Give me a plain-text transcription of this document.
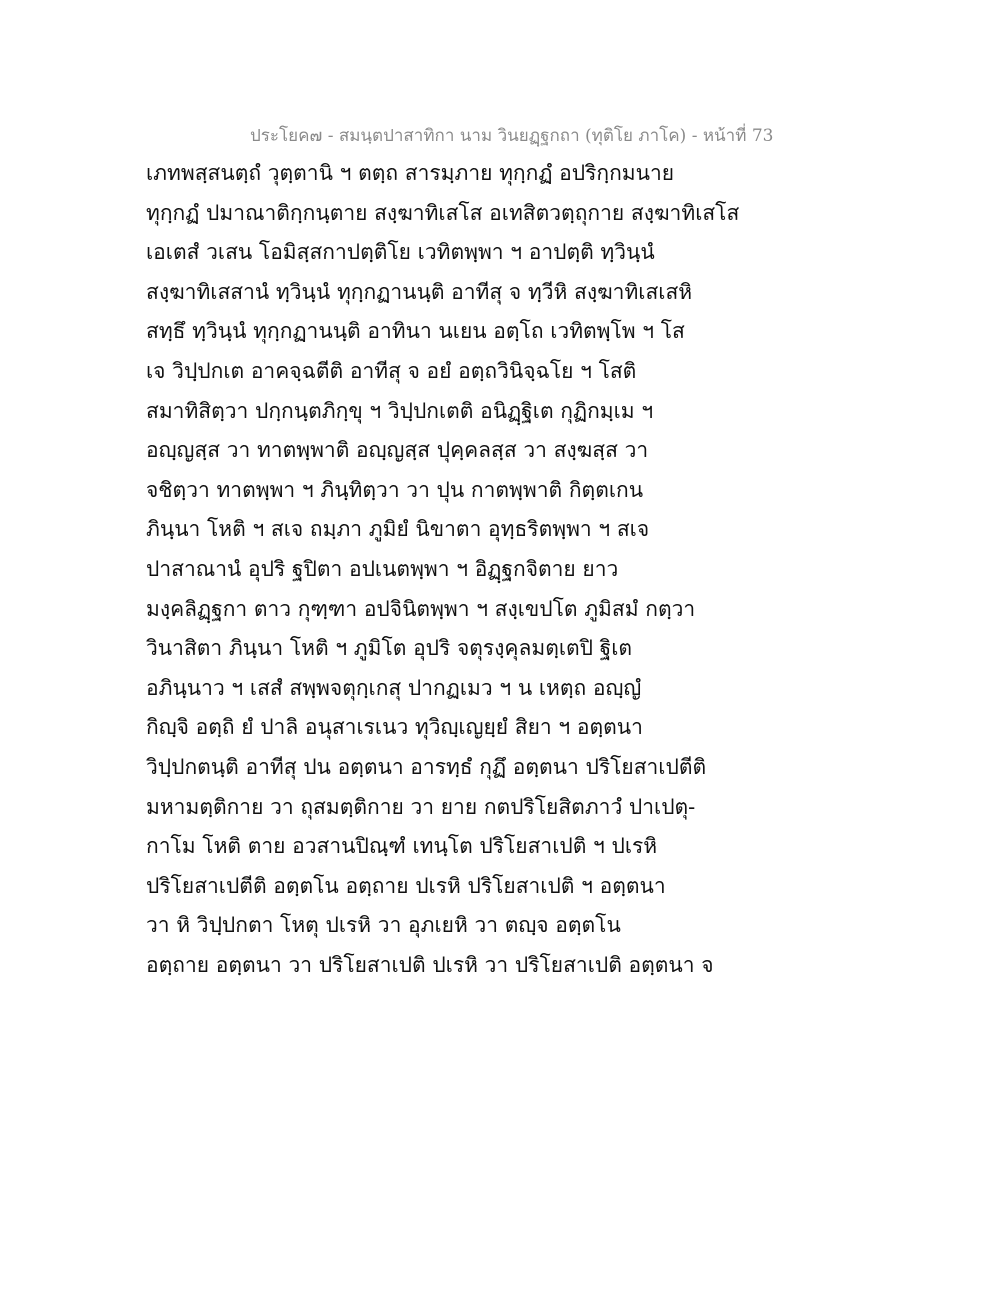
ประโยค๗ - สมนฺตปาสาทิกา นาม วินยฏฺฐกถา (ทุติโย ภาโค) - หน้าที่ 73
เภทพสฺสนตฺถํ วุตฺตานิ ฯ ตตฺถ สารมฺภาย ทุกฺกฏํ อปริกฺกมนาย
ทุกฺกฏํ ปมาณาติกฺกนฺตาย สงฺฆาทิเสโส อเทสิตวตฺถุกาย สงฺฆาทิเสโส
เอเตสํ วเสน โอมิสฺสกาปตฺติโย เวทิตพฺพา ฯ อาปตฺติ ทฺวินฺนํ
สงฺฆาทิเสสานํ ทฺวินฺนํ ทุกฺกฏานนฺติ อาทีสุ จ ทฺวีหิ สงฺฆาทิเสเสหิ
สทฺธึ ทฺวินฺนํ ทุกฺกฏานนฺติ อาทินา นเยน อตฺโถ เวทิตพฺโพ ฯ โส
เจ วิปฺปกเต อาคจฺฉตีติ อาทีสุ จ อยํ อตฺถวินิจฺฉโย ฯ โสติ
สมาทิสิตฺวา ปกฺกนฺตภิกฺขุ ฯ วิปฺปกเตติ อนิฏฺฐิเต กุฏิกมฺเม ฯ
อญฺญสฺส วา ทาตพฺพาติ อญฺญสฺส ปุคฺคลสฺส วา สงฺฆสฺส วา
จชิตฺวา ทาตพฺพา ฯ ภินฺทิตฺวา วา ปุน กาตพฺพาติ กิตฺตเกน
ภินฺนา โหติ ฯ สเจ ถมฺภา ภูมิยํ นิขาตา อุทฺธริตพฺพา ฯ สเจ
ปาสาณานํ อุปริ ฐปิตา อปเนตพฺพา ฯ อิฏฺฐกจิตาย ยาว
มงฺคลิฏฺฐกา ตาว กุฑฺฑา อปจินิตพฺพา ฯ สงฺเขปโต ภูมิสมํ กตฺวา
วินาสิตา ภินฺนา โหติ ฯ ภูมิโต อุปริ จตุรงฺคุลมตฺเตปิ ฐิเต
อภินฺนาว ฯ เสสํ สพฺพจตุกฺเกสุ ปากฏเมว ฯ น เหตฺถ อญฺญํ
กิญฺจิ อตฺถิ ยํ ปาลิ อนุสาเรเนว ทุวิญฺเญยฺยํ สิยา ฯ อตฺตนา
วิปฺปกตนฺติ อาทีสุ ปน อตฺตนา อารทฺธํ กุฏึ อตฺตนา ปริโยสาเปตีติ
มหามตฺติกาย วา ถุสมตฺติกาย วา ยาย กตปริโยสิตภาวํ ปาเปตุ-
กาโม โหติ ตาย อวสานปิณฺฑํ เทนฺโต ปริโยสาเปติ ฯ ปเรหิ
ปริโยสาเปตีติ อตฺตโน อตฺถาย ปเรหิ ปริโยสาเปติ ฯ อตฺตนา
วา หิ วิปฺปกตา โหตุ ปเรหิ วา อุภเยหิ วา ตญฺจ อตฺตโน
อตฺถาย อตฺตนา วา ปริโยสาเปติ ปเรหิ วา ปริโยสาเปติ อตฺตนา จ
